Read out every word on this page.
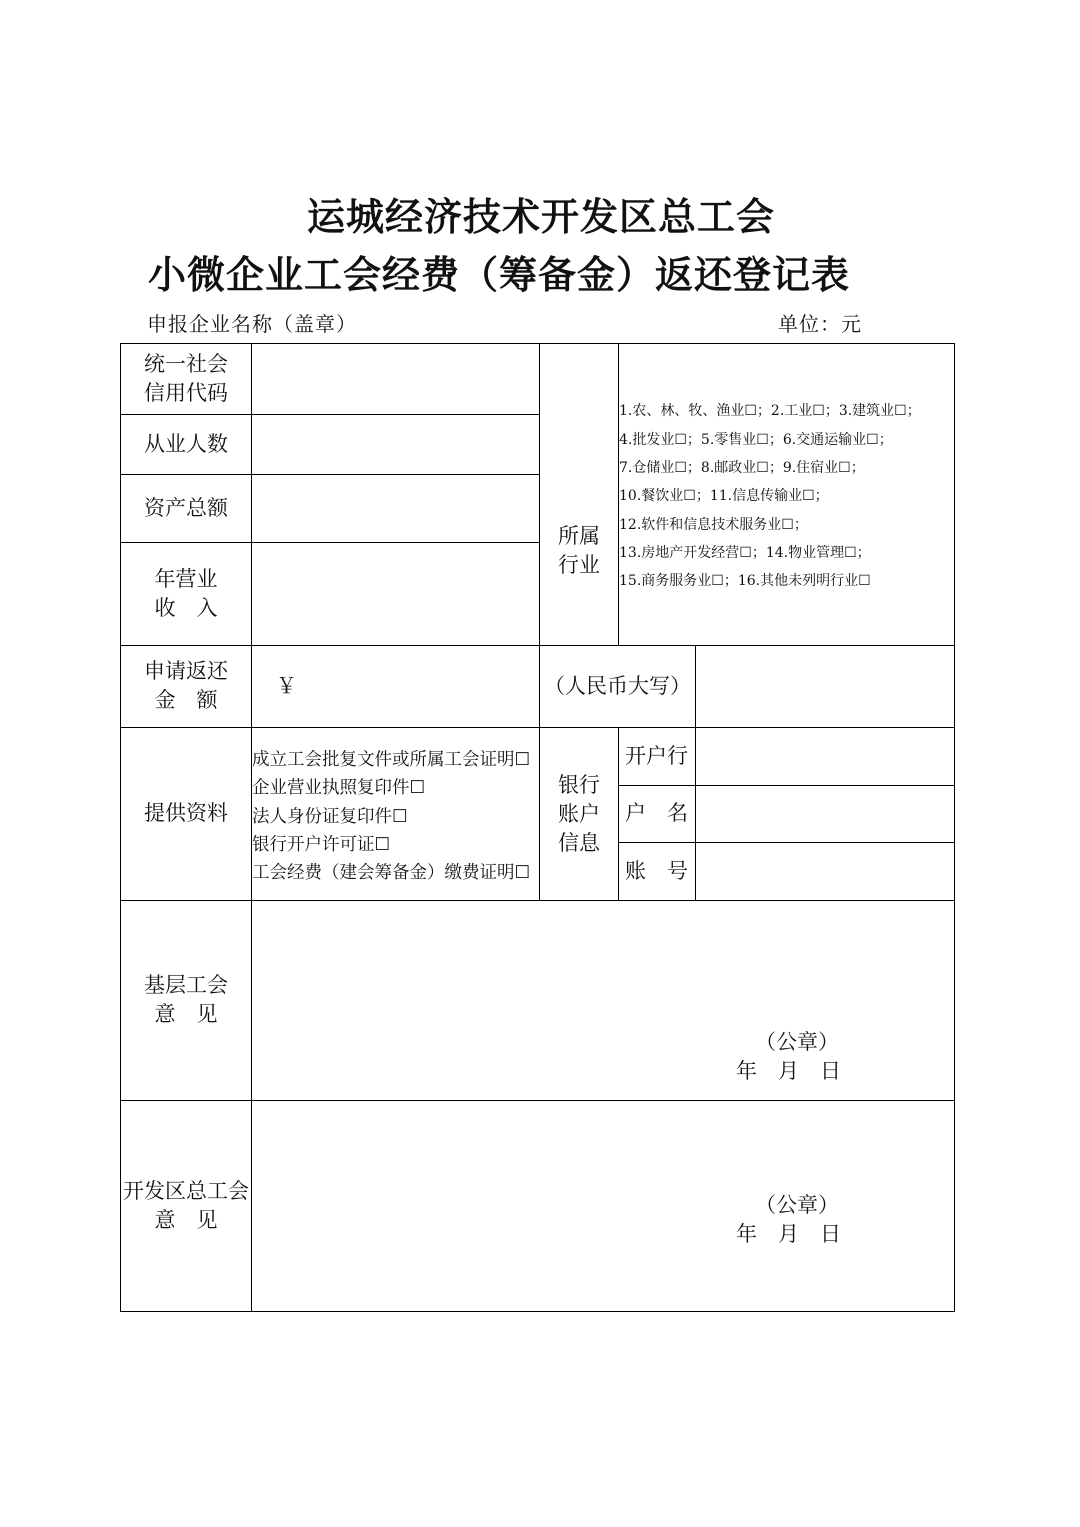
运城经济技术开发区总工会
小微企业工会经费（筹备金）返还登记表
申报企业名称（盖章）	单位：元
统一社会
信用代码
从业人数
资产总额
年营业
收　入
所属
行业
1.农、林、牧、渔业☐；2.工业☐；3.建筑业☐；
4.批发业☐；5.零售业☐；6.交通运输业☐；
7.仓储业☐；8.邮政业☐；9.住宿业☐；
10.餐饮业☐；11.信息传输业☐；
12.软件和信息技术服务业☐；
13.房地产开发经营☐；14.物业管理☐；
15.商务服务业☐；16.其他未列明行业☐
申请返还
金　额
￥	（人民币大写）
提供资料
成立工会批复文件或所属工会证明☐
企业营业执照复印件☐
法人身份证复印件☐
银行开户许可证☐
工会经费（建会筹备金）缴费证明☐
银行
账户
信息
开户行
户　名
账　号
基层工会
意　见
（公章）
年　月　日
开发区总工会
意　见
（公章）
年　月　日
